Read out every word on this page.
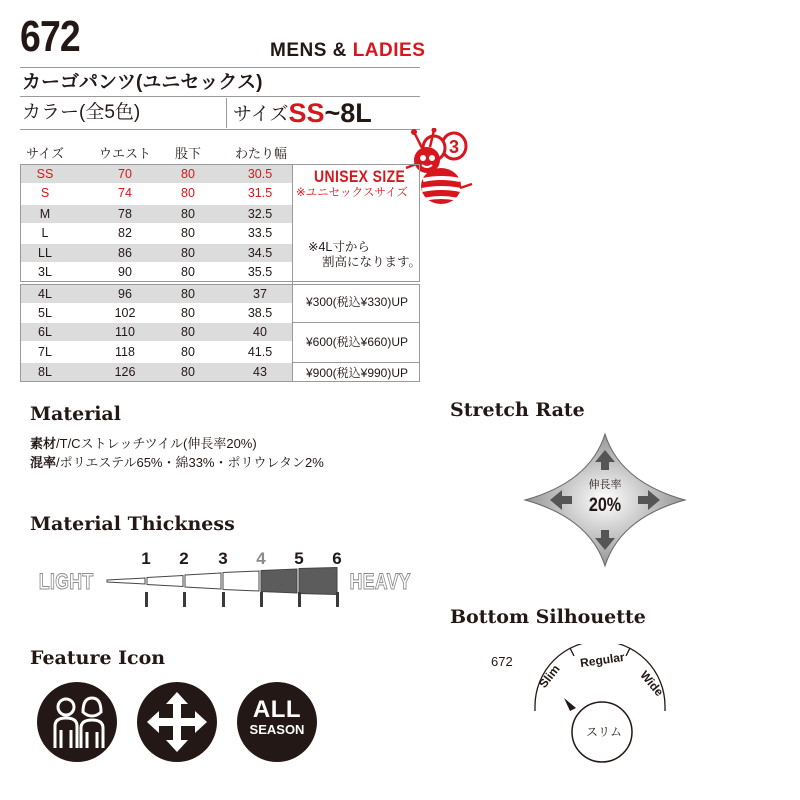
672	MENS & LADIES
カーゴパンツ(ユニセックス)
カラー(全5色)	サイズSS~8L
3
サイズ	ウエスト	股下	わたり幅
SS	70	80	30.5
S	74	80	31.5
M	78	80	32.5
L	82	80	33.5
LL	86	80	34.5
3L	90	80	35.5
4L	96	80	37
5L	102	80	38.5
6L	110	80	40
7L	118	80	41.5
8L	126	80	43
UNISEX SIZE
※ユニセックスサイズ
※4L寸から
割高になります。
¥300(税込¥330)UP
¥600(税込¥660)UP
¥900(税込¥990)UP
Material
素材/T/Cストレッチツイル(伸長率20%)
混率/ポリエステル65%・綿33%・ポリウレタン2%
Material Thickness
LIGHT	HEAVY
1 2 3 4 5 6
Feature Icon
ALL
SEASON
Stretch Rate
伸長率
20%
Bottom Silhouette
672
Slim
Regular
Wide
スリム
